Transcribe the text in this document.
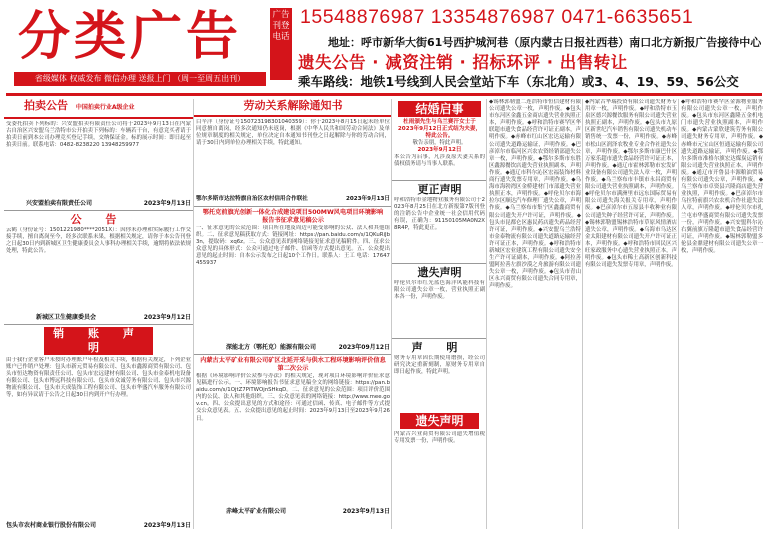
分类广告
省级媒体 权威发布 微信办理 送报上门 （周一至周五出刊）
广告 刊登 电话
15548876987 13354876987 0471-6635651
地址：呼市新华大街61号西护城河巷（原内蒙古日报社西巷）南口北方新报广告接待中心
遗失公告 · 减资注销 · 招标环评 · 出售转让
乘车路线：地铁1号线到人民会堂站下车（东北角）或3、4、19、59、56公交
拍卖公告 中国拍卖行业A级企业
受委托拍卖下列标的：兴安盟拍卖有限责任公司将于2023年9月13日在内蒙古自治区兴安盟乌兰浩特市公开拍卖下列标的：车辆若干台，有意竞买者请于拍卖日前到本公司办理竞买登记手续，交纳保证金。标的展示时间：即日起至拍卖日前。联系电话：0482-8238220 13948259977
兴安盟拍卖有限责任公司	2023年9月13日
公 告
云鹤（身份证号：1501221980****2051X）：因你未办理和实际履行工作交接手续，擅自离岗至今，经多次联系未果，根据相关规定，请你于本公告刊登之日起30日内到新城区卫生健康委员会人事科办理相关手续，逾期将依法依规处理，特此公告。
新城区卫生健康委员会	2023年9月12日
销 账 声 明
由于我行企业客户未按时办理账户年检及相关手续，根据有关规定，下列企业账户已作销户处理：包头市新元贸易有限公司、包头市鑫源商贸有限公司、包头市恒达物资有限责任公司、包头市宏远建材有限公司、包头市金泰机电设备有限公司、包头市博远科技有限公司、包头市众诚劳务有限公司、包头市兴源物流有限公司、包头市天成装饰工程有限公司、包头市华盛汽车服务有限公司等，如有异议请于公告之日起30日内到开户行办理。
包头市农村商业银行股份有限公司	2023年9月13日
劳动关系解除通知书
白辛洋（身份证号150723198301040359）：你于2023年8月15日起未经单位同意擅自离岗，经多次通知仍未返岗，根据《中华人民共和国劳动合同法》及单位规章制度的相关规定，单位决定自本通知书刊登之日起解除与你的劳动合同，请于30日内到单位办理相关手续，特此通知。
鄂尔多斯市达拉特旗自治区农村信用合作联社	2023年9月13日
鄂托克前旗光创新一体化合成建设项目500MW风电项目环境影响报告书征求意见稿公示
一、征求意见的公众范围：项目所在地及周边可能受影响的公众、法人和其他组织。二、征求意见稿获取方式：链接网址：https://pan.baidu.com/s/1QKuRiJb3n，提取码：xq6z。三、公众意见表的网络链接见征求意见稿附件。四、征求公众意见的具体形式：公众可通过电子邮件、信函等方式提出意见。五、公众提出意见的起止时间：自本公示发布之日起10个工作日。联系人：王工 电话：17647455937
深能北方（鄂托克）能源有限公司	2023年09月12日
内蒙古太平矿业有限公司矿区北延开采与供水工程环境影响评价信息第二次公示
根据《环境影响评价公众参与办法》的相关规定，现对项目环境影响评价征求意见稿进行公示。一、环境影响报告书征求意见稿全文的网络链接：https://pan.baidu.com/s/1OjtZ7PiTWOjnSHkqD。二、征求意见的公众范围：项目评价范围内的公民、法人和其他组织。三、公众意见表的网络链接：http://www.mee.gov.cn。四、公众提出意见的方式和途径：可通过信函、传真、电子邮件等方式提交公众意见表。五、公众提出意见的起止时间：2023年9月13日至2023年9月26日。
赤峰太平矿业有限公司	2023年9月13日
结婚启事
杜雨颁先生与乌兰赛汗女士于2023年9月12日正式结为夫妻，特此公告。
敬告亲朋，特此声明。
2023年9月12日
本公告为启事，凡涉及原夫妻关系的债权债务请与当事人联系。
更正声明
呼和浩特市金地物业服务有限公司于2023年8月25日在北方新报第7版刊登的注销公告中企业统一社会信用代码有误，正确为：91150105MA0N2X8R4P，特此更正。
遗失声明
呼伦贝尔市红光蓝色海洋风能科技有限公司遗失公章一枚，营业执照正副本各一份，声明作废。
声 明
财务专用章因长期使用磨损，经公司研究决定重新刻制，原财务专用章自即日起作废，特此声明。
遗失声明
内蒙古兴业商贸有限公司遗失增值税专用发票一份，声明作废。
◆锡林郭勒盟二连浩特市恒信建材有限公司遗失公章一枚，声明作废。◆包头市东河区金鑫五金商店遗失营业执照正本，声明作废。◆呼和浩特市赛罕区华联超市遗失食品经营许可证正副本，声明作废。◆赤峰市红山区宏达运输有限公司遗失道路运输证，声明作废。◆巴彦淖尔市临河区兴农农资经销部遗失公章一枚，声明作废。◆鄂尔多斯市东胜区鑫源餐饮店遗失营业执照副本，声明作废。◆通辽市科尔沁区宏福装饰材料商行遗失发票专用章，声明作废。◆乌海市海勃湾区金桥建材门市部遗失营业执照正本，声明作废。◆呼伦贝尔市海拉尔区顺达汽车修理厂遗失公章，声明作废。◆乌兰察布市集宁区鑫鑫商贸有限公司遗失开户许可证，声明作废。◆包头市昆都仑区惠民药店遗失药品经营许可证，声明作废。◆兴安盟乌兰浩特市金泰物流有限公司遗失道路运输经营许可证正本，声明作废。◆呼和浩特市新城区宏业建筑工程有限公司遗失安全生产许可证副本，声明作废。◆阿拉善盟阿拉善左旗沙漠之舟旅游有限公司遗失公章一枚，声明作废。◆包头市青山区永兴商贸有限公司遗失合同专用章，声明作废。
◆内蒙古华瑞投资有限公司遗失财务专用章一枚，声明作废。◆呼和浩特市玉泉区德兴源餐饮服务有限公司遗失营业执照正副本，声明作废。◆包头市九原区新世纪汽车销售有限公司遗失机动车销售统一发票一份，声明作废。◆赤峰市松山区润泽农牧业专业合作社遗失公章，声明作废。◆鄂尔多斯市康巴什区万家乐超市遗失食品经营许可证正本，声明作废。◆通辽市霍林郭勒市宏发矿业设备有限公司遗失法人章一枚，声明作废。◆乌兰察布市丰镇市永昌商贸有限公司遗失营业执照副本，声明作废。◆呼伦贝尔市满洲里市远东国际贸易有限公司遗失海关报关专用章，声明作废。◆巴彦淖尔市五原县丰收种业有限公司遗失种子经营许可证，声明作废。◆锡林郭勒盟锡林浩特市草原风情酒店遗失公章，声明作废。◆乌海市乌达区金太阳建材有限公司遗失开户许可证正本，声明作废。◆呼和浩特市回民区兴旺家政服务中心遗失营业执照正本，声明作废。◆包头市稀土高新区创新科技有限公司遗失发票专用章，声明作废。
◆呼和浩特市赛罕区金源物业服务有限公司遗失公章一枚，声明作废。◆包头市东河区鑫隆五金机电门市遗失营业执照副本，声明作废。◆内蒙古蒙欣建筑劳务有限公司遗失财务专用章，声明作废。◆赤峰市元宝山区恒通运输有限公司遗失道路运输证，声明作废。◆鄂尔多斯市准格尔旗宏达煤炭运销有限公司遗失营业执照正本，声明作废。◆通辽市开鲁县丰源粮油贸易有限公司遗失公章，声明作废。◆乌兰察布市卓资县兴隆商店遗失营业执照，声明作废。◆巴彦淖尔市乌拉特前旗兴农农机合作社遗失法人章，声明作废。◆呼伦贝尔市扎兰屯市华盛商贸有限公司遗失发票一份，声明作废。◆兴安盟科尔沁右翼前旗万隆超市遗失食品经营许可证，声明作废。◆锡林郭勒盟多伦县金鼎建材有限公司遗失公章一枚，声明作废。
